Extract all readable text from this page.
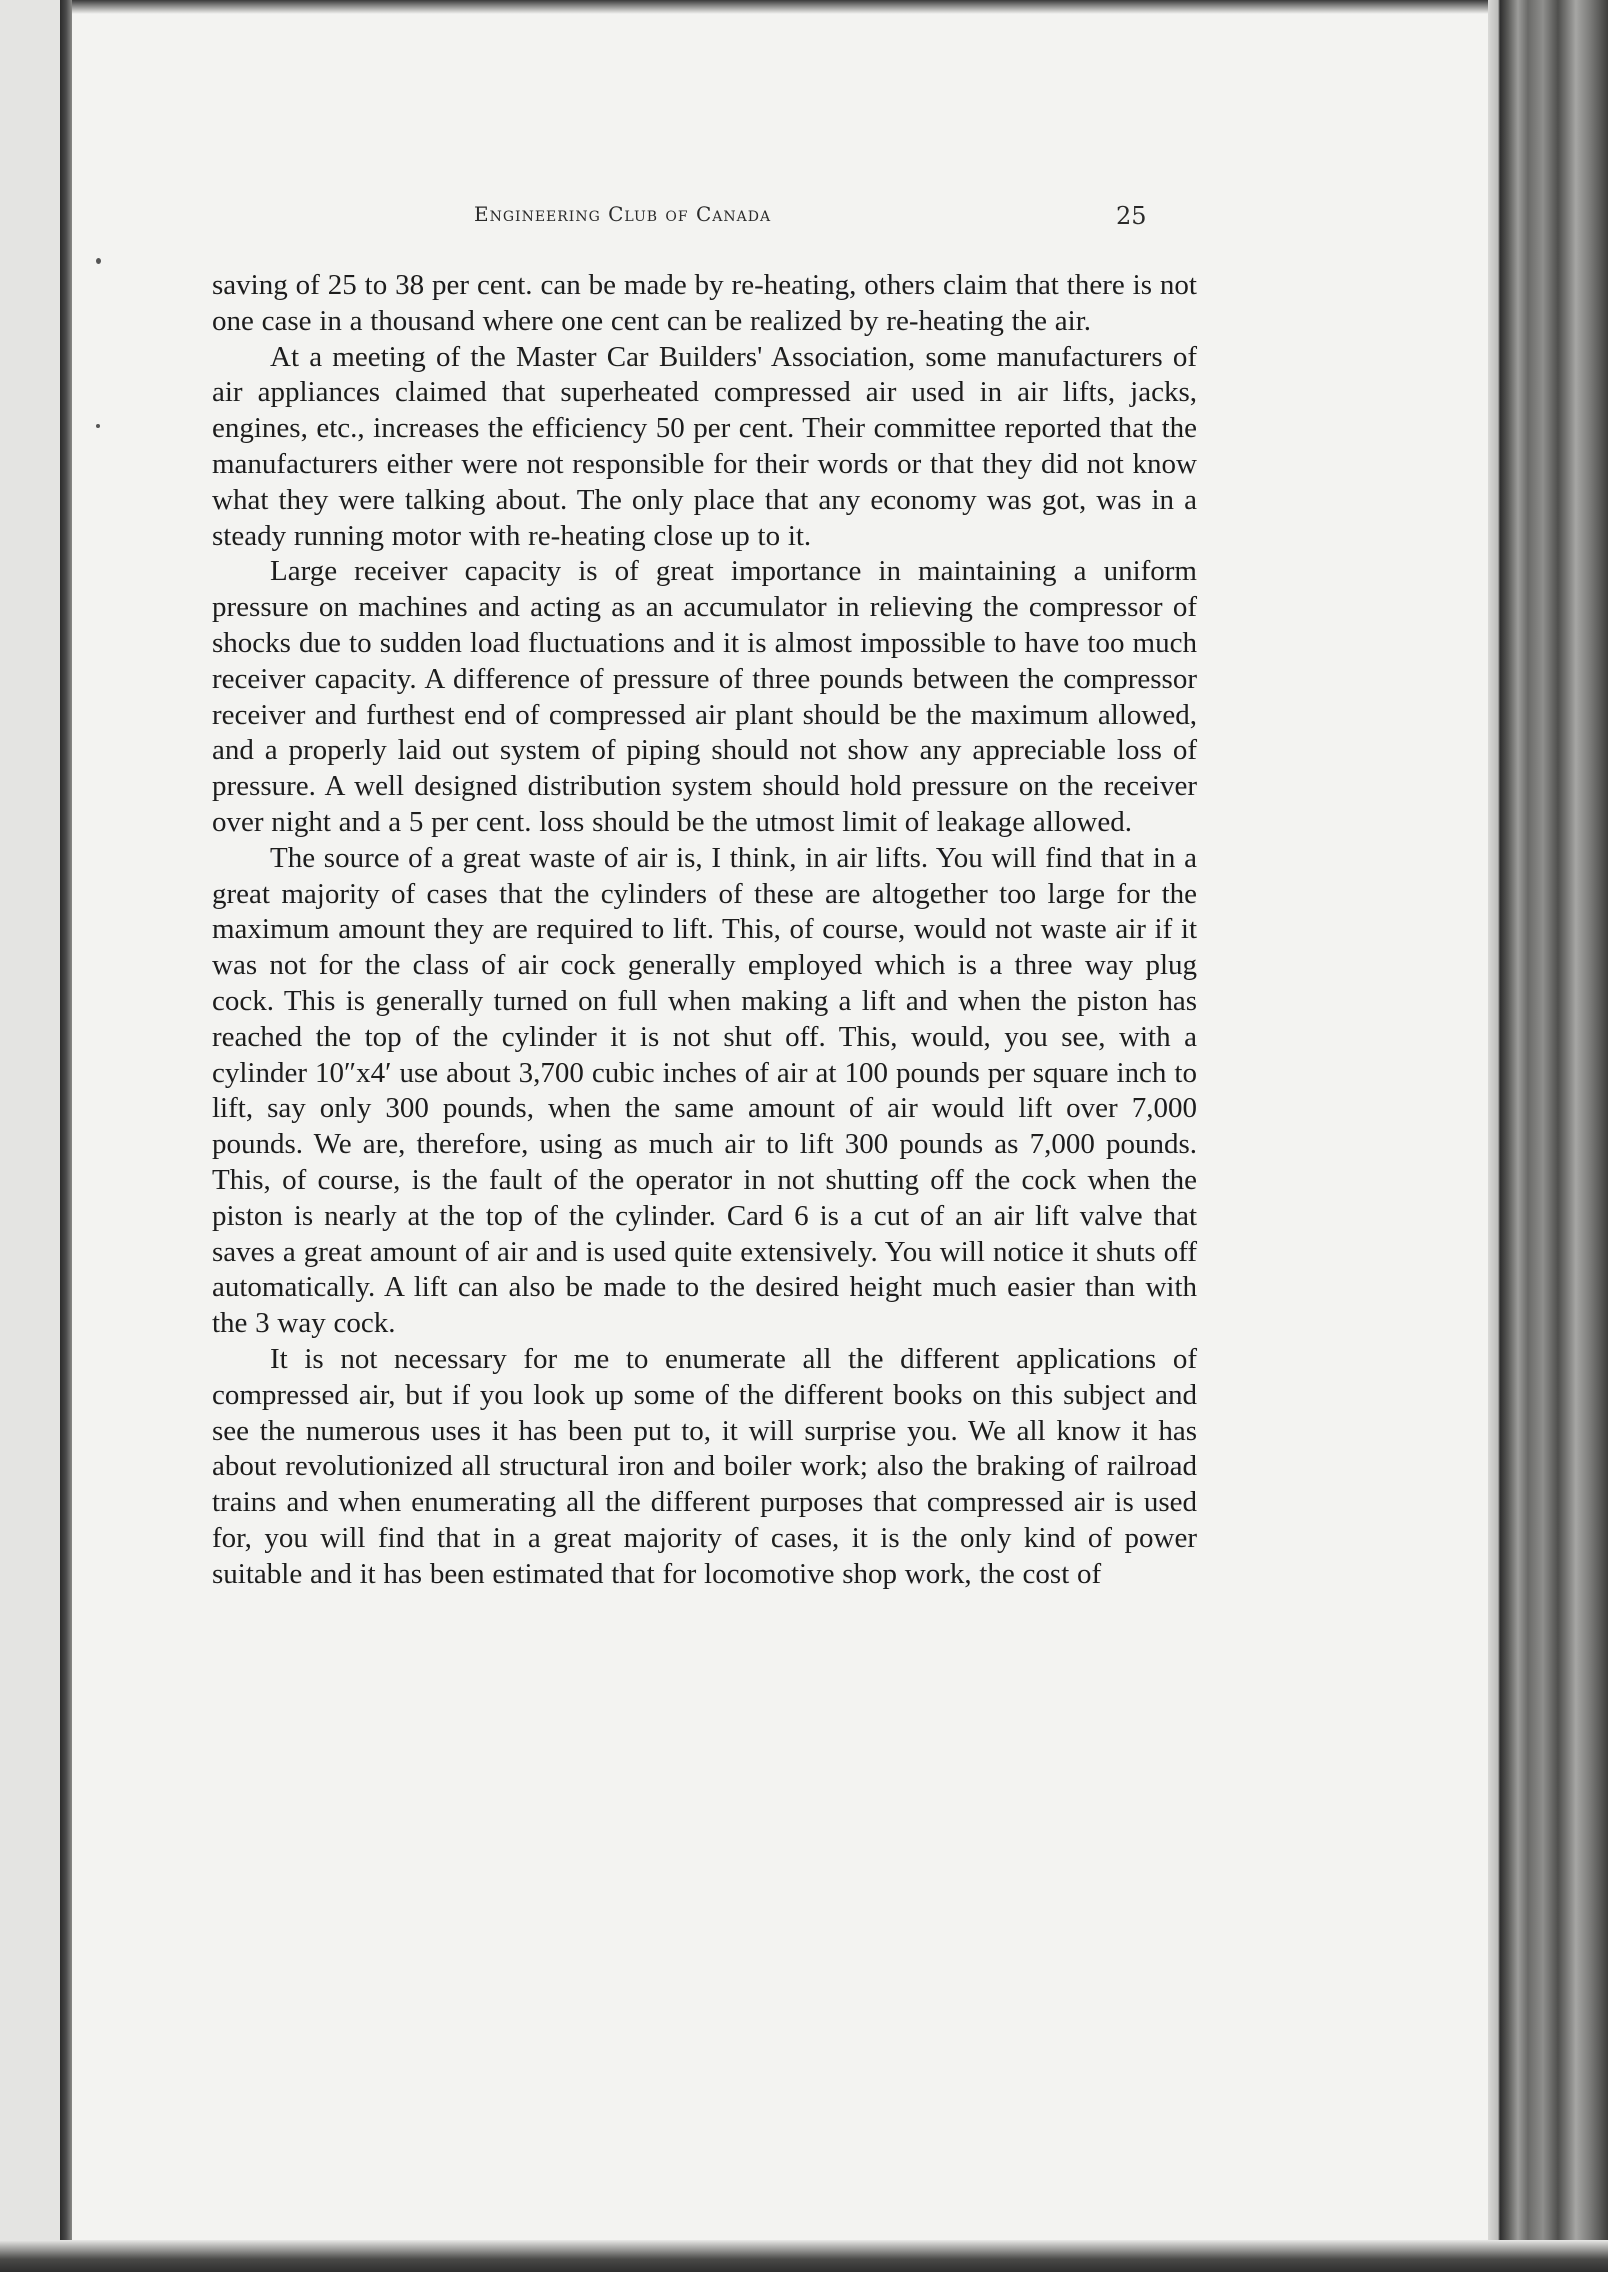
Engineering Club of Canada	25

saving of 25 to 38 per cent. can be made by re-heating, others claim that there is not one case in a thousand where one cent can be realized by re-heating the air.

At a meeting of the Master Car Builders' Association, some manufacturers of air appliances claimed that superheated compressed air used in air lifts, jacks, engines, etc., increases the efficiency 50 per cent. Their committee reported that the manufacturers either were not responsible for their words or that they did not know what they were talking about. The only place that any economy was got, was in a steady running motor with re-heating close up to it.

Large receiver capacity is of great importance in maintaining a uniform pressure on machines and acting as an accumulator in relieving the compressor of shocks due to sudden load fluctuations and it is almost impossible to have too much receiver capacity. A difference of pressure of three pounds between the compressor receiver and furthest end of compressed air plant should be the maximum allowed, and a properly laid out system of piping should not show any appreciable loss of pressure. A well designed distribution system should hold pressure on the receiver over night and a 5 per cent. loss should be the utmost limit of leakage allowed.

The source of a great waste of air is, I think, in air lifts. You will find that in a great majority of cases that the cylinders of these are altogether too large for the maximum amount they are required to lift. This, of course, would not waste air if it was not for the class of air cock generally employed which is a three way plug cock. This is generally turned on full when making a lift and when the piston has reached the top of the cylinder it is not shut off. This, would, you see, with a cylinder 10″x4′ use about 3,700 cubic inches of air at 100 pounds per square inch to lift, say only 300 pounds, when the same amount of air would lift over 7,000 pounds. We are, therefore, using as much air to lift 300 pounds as 7,000 pounds. This, of course, is the fault of the operator in not shutting off the cock when the piston is nearly at the top of the cylinder. Card 6 is a cut of an air lift valve that saves a great amount of air and is used quite extensively. You will notice it shuts off automatically. A lift can also be made to the desired height much easier than with the 3 way cock.

It is not necessary for me to enumerate all the different applications of compressed air, but if you look up some of the different books on this subject and see the numerous uses it has been put to, it will surprise you. We all know it has about revolutionized all structural iron and boiler work; also the braking of railroad trains and when enumerating all the different purposes that compressed air is used for, you will find that in a great majority of cases, it is the only kind of power suitable and it has been estimated that for locomotive shop work, the cost of
